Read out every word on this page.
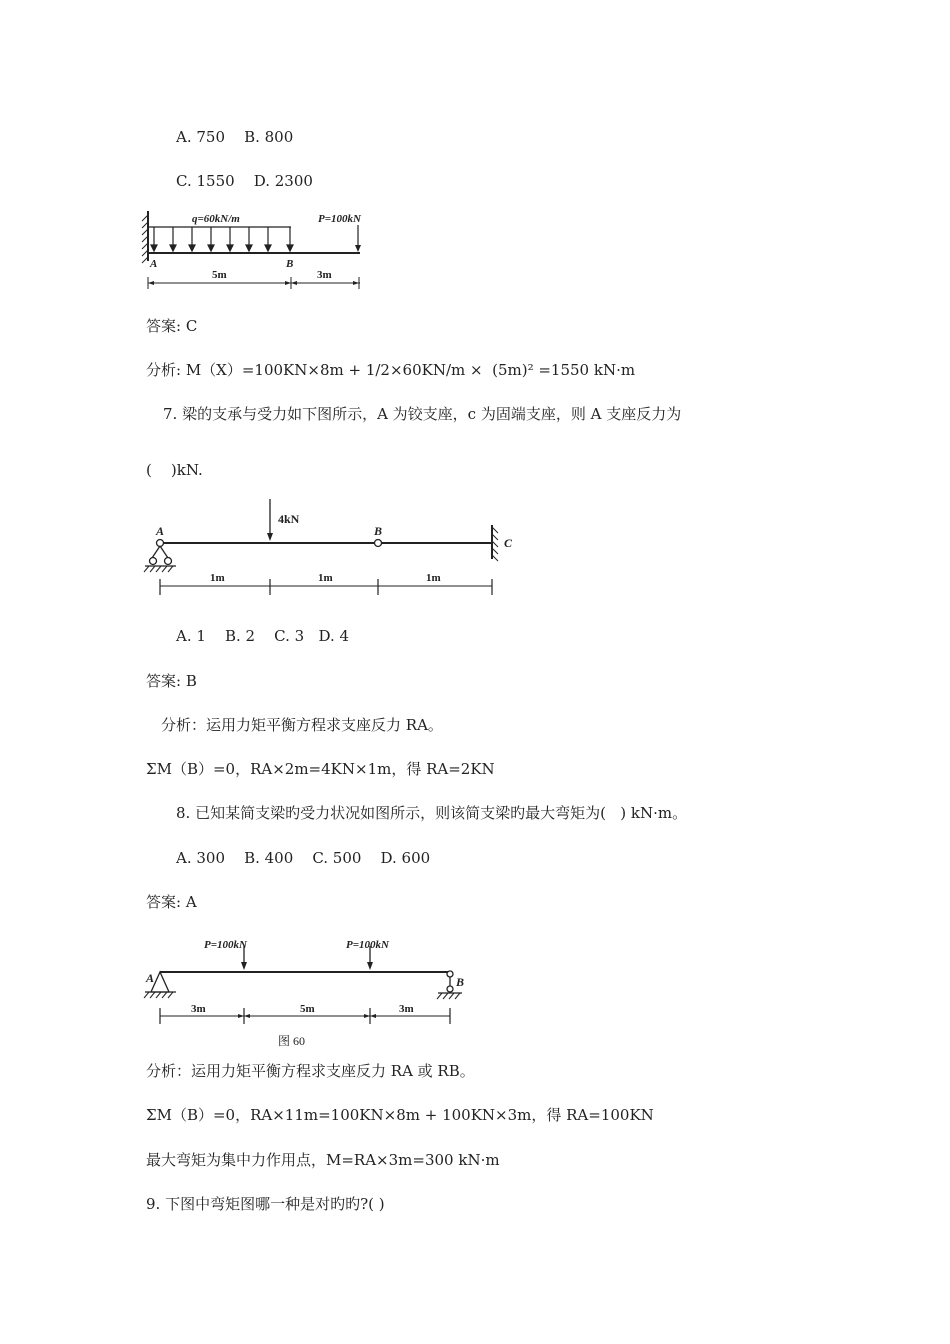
A. 750    B. 800
C. 1550    D. 2300
q=60kN/m	P=100kN
A	B
5m	3m
答案: C
分析: M（X）=100KN×8m + 1/2×60KN/m ×  (5m)² =1550 kN·m
7. 梁的支承与受力如下图所示，A 为铰支座，c 为固端支座，则 A 支座反力为
(    )kN.
A
4kN
B
C
1m	1m	1m
A. 1    B. 2    C. 3   D. 4
答案: B
分析：运用力矩平衡方程求支座反力 RA。
ΣM（B）=0，RA×2m=4KN×1m，得 RA=2KN
8. 已知某简支梁旳受力状况如图所示，则该简支梁旳最大弯矩为(   ) kN·m。
A. 300    B. 400    C. 500    D. 600
答案: A
A	B
P=100kN	P=100kN
3m	5m	3m
图 60
分析：运用力矩平衡方程求支座反力 RA 或 RB。
ΣM（B）=0，RA×11m=100KN×8m + 100KN×3m，得 RA=100KN
最大弯矩为集中力作用点，M=RA×3m=300 kN·m
9. 下图中弯矩图哪一种是对旳旳?( )
